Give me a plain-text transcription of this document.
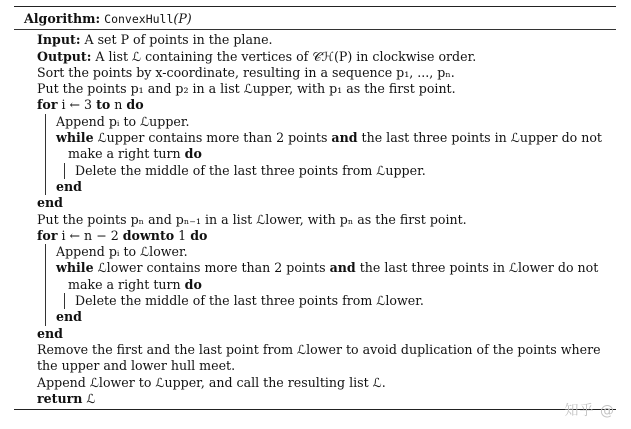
Algorithm: ConvexHull(P)
Input: A set P of points in the plane.
Output: A list ℒ containing the vertices of 𝒞ℋ(P) in clockwise order.
Sort the points by x-coordinate, resulting in a sequence p₁, ..., pₙ.
Put the points p₁ and p₂ in a list ℒupper, with p₁ as the first point.
for i ← 3 to n do
Append pᵢ to ℒupper.
while ℒupper contains more than 2 points and the last three points in ℒupper do not
make a right turn do
Delete the middle of the last three points from ℒupper.
end
end
Put the points pₙ and pₙ₋₁ in a list ℒlower, with pₙ as the first point.
for i ← n − 2 downto 1 do
Append pᵢ to ℒlower.
while ℒlower contains more than 2 points and the last three points in ℒlower do not
make a right turn do
Delete the middle of the last three points from ℒlower.
end
end
Remove the first and the last point from ℒlower to avoid duplication of the points where
the upper and lower hull meet.
Append ℒlower to ℒupper, and call the resulting list ℒ.
return ℒ
知乎 @
